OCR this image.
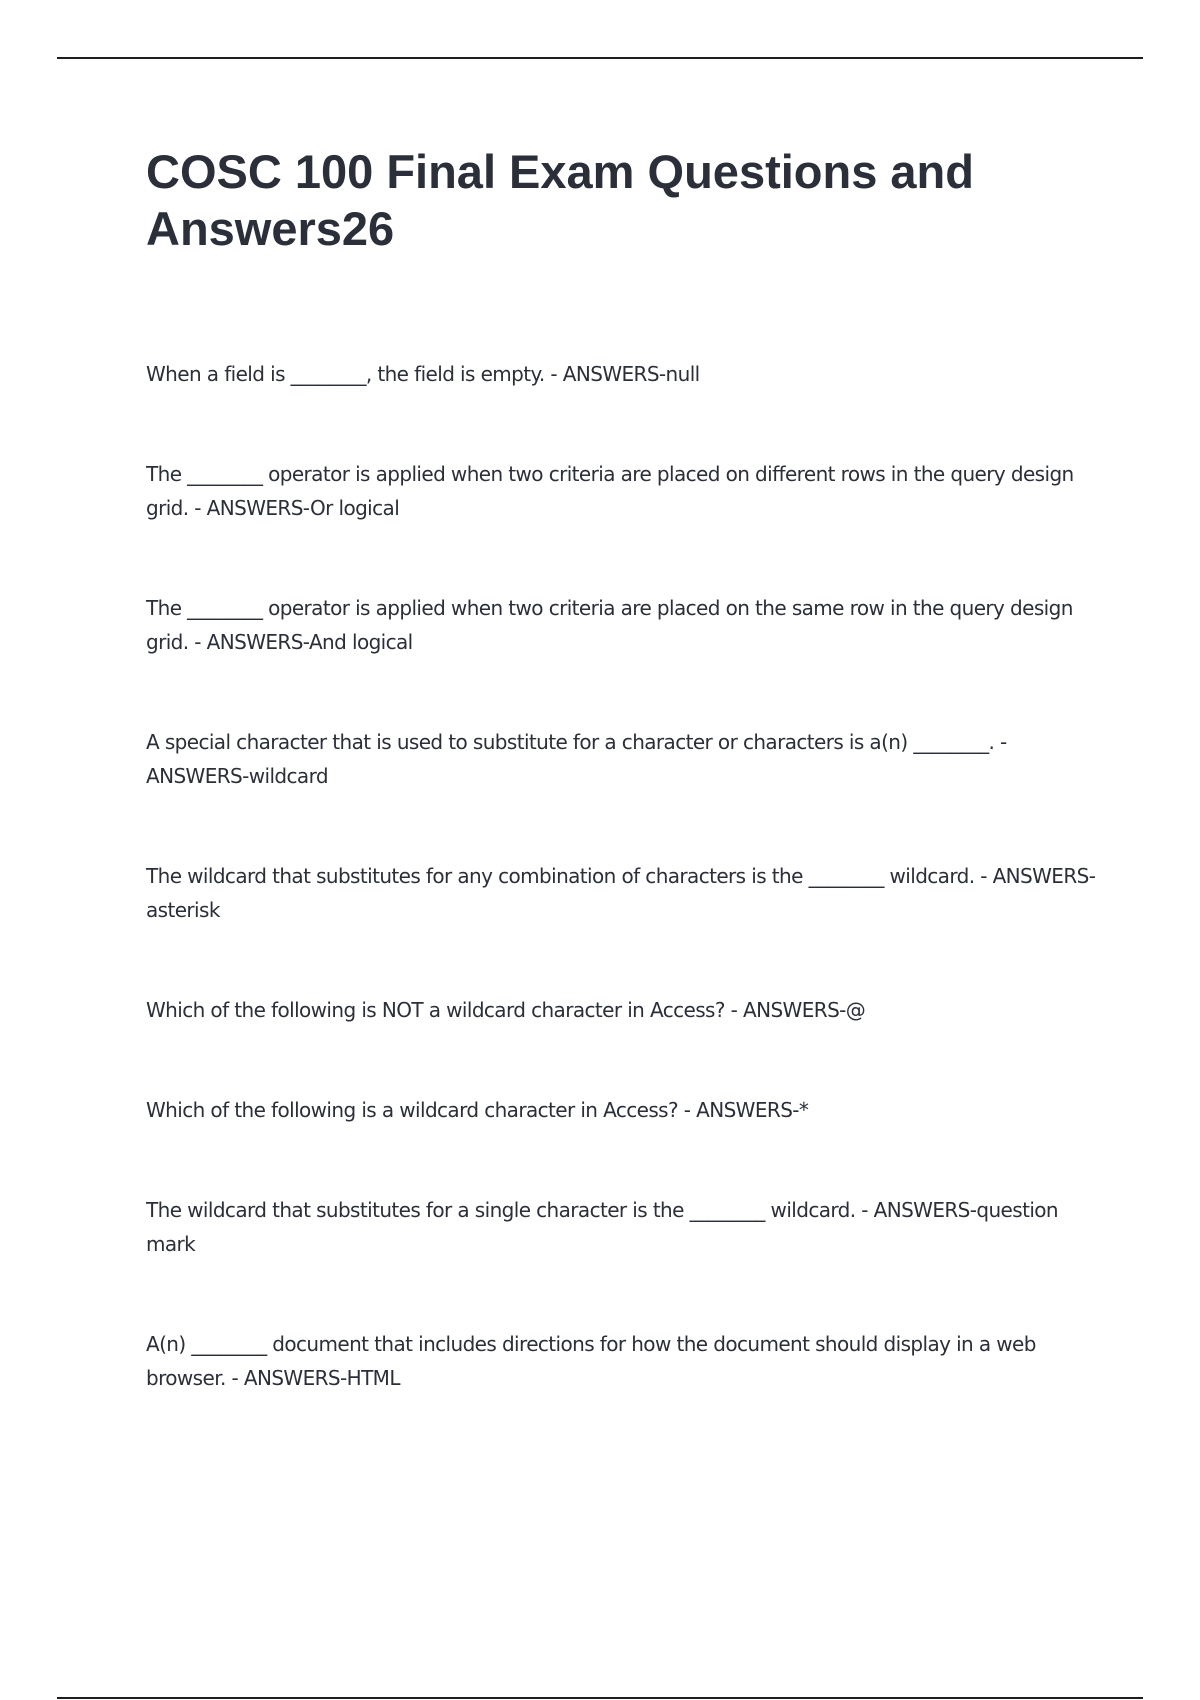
COSC 100 Final Exam Questions and Answers26
When a field is ________, the field is empty. - ANSWERS-null
The ________ operator is applied when two criteria are placed on different rows in the query design grid. - ANSWERS-Or logical
The ________ operator is applied when two criteria are placed on the same row in the query design grid. - ANSWERS-And logical
A special character that is used to substitute for a character or characters is a(n) ________. - ANSWERS-wildcard
The wildcard that substitutes for any combination of characters is the ________ wildcard. - ANSWERS-asterisk
Which of the following is NOT a wildcard character in Access? - ANSWERS-@
Which of the following is a wildcard character in Access? - ANSWERS-*
The wildcard that substitutes for a single character is the ________ wildcard. - ANSWERS-question mark
A(n) ________ document that includes directions for how the document should display in a web browser. - ANSWERS-HTML
